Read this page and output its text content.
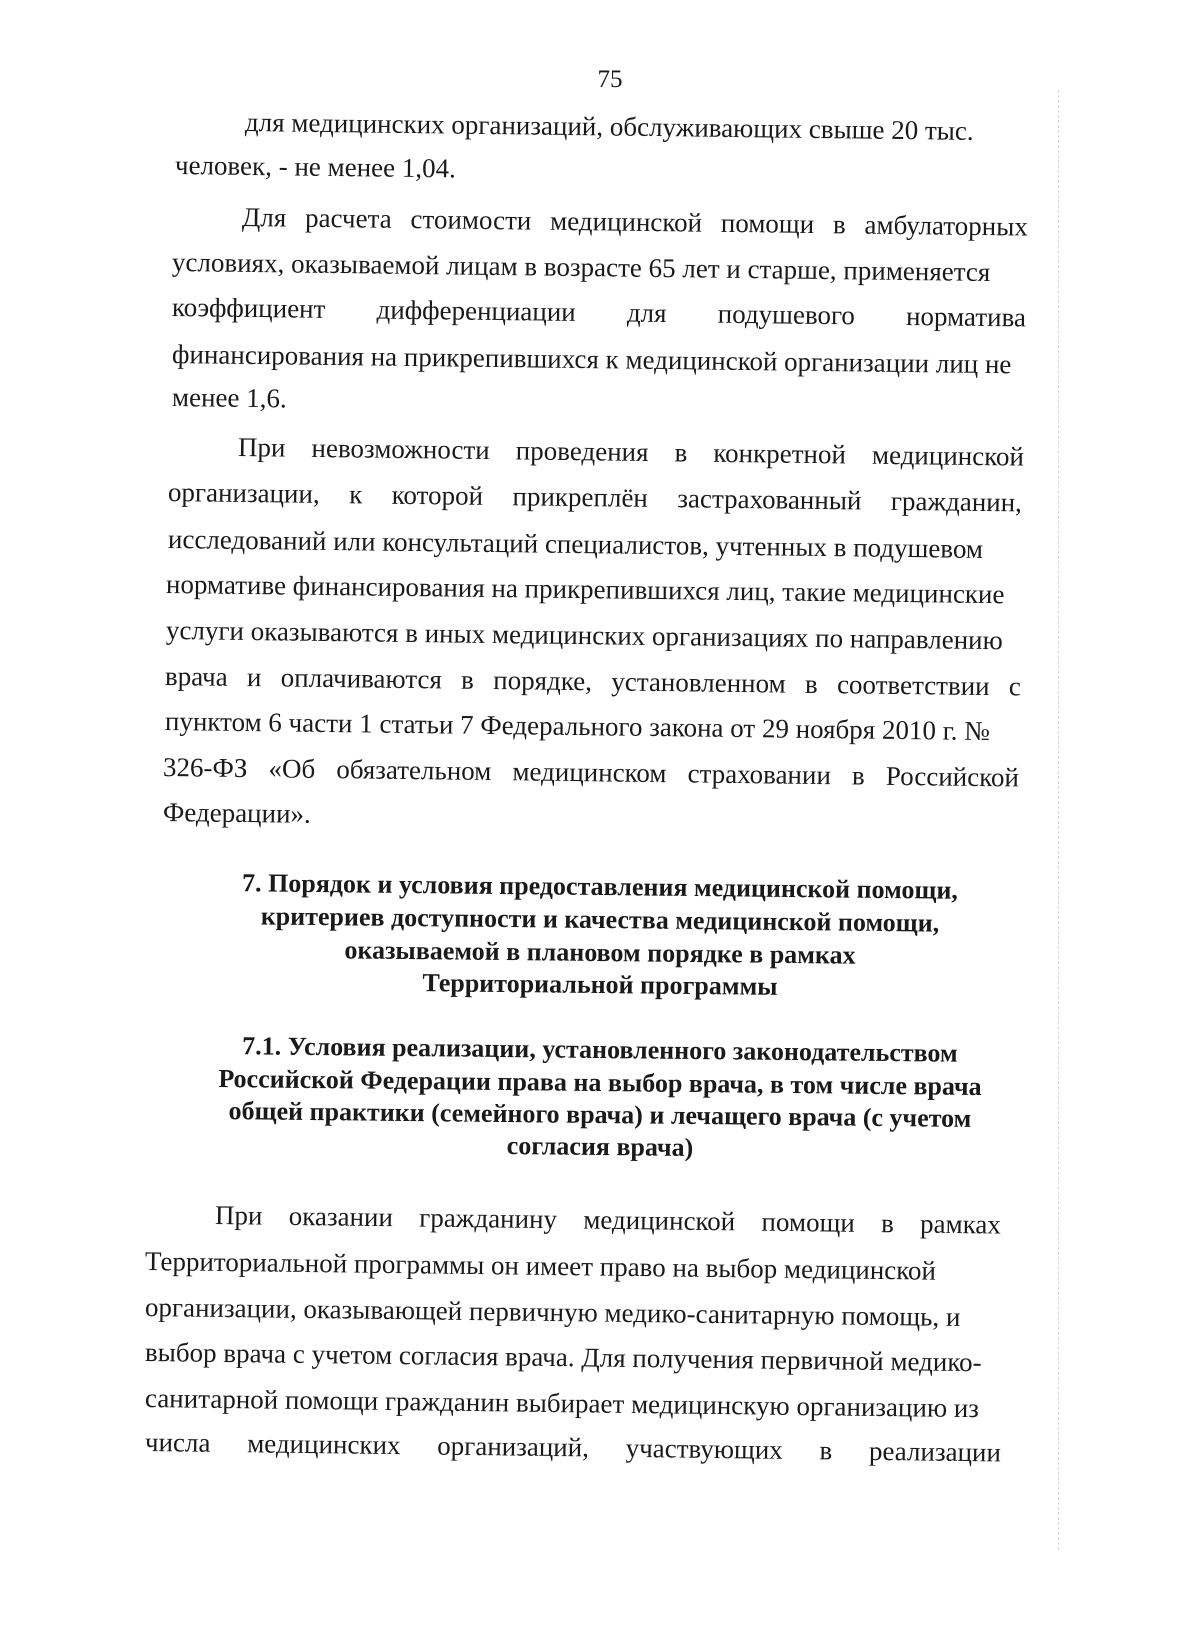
75
для медицинских организаций, обслуживающих свыше 20 тыс.
человек, - не менее 1,04.
Для расчета стоимости медицинской помощи в амбулаторных
условиях, оказываемой лицам в возрасте 65 лет и старше, применяется
коэффициент дифференциации для подушевого норматива
финансирования на прикрепившихся к медицинской организации лиц не
менее 1,6.
При невозможности проведения в конкретной медицинской
организации, к которой прикреплён застрахованный гражданин,
исследований или консультаций специалистов, учтенных в подушевом
нормативе финансирования на прикрепившихся лиц, такие медицинские
услуги оказываются в иных медицинских организациях по направлению
врача и оплачиваются в порядке, установленном в соответствии с
пунктом 6 части 1 статьи 7 Федерального закона от 29 ноября 2010 г. №
326-ФЗ «Об обязательном медицинском страховании в Российской
Федерации».
7. Порядок и условия предоставления медицинской помощи,
критериев доступности и качества медицинской помощи,
оказываемой в плановом порядке в рамках
Территориальной программы
7.1. Условия реализации, установленного законодательством
Российской Федерации права на выбор врача, в том числе врача
общей практики (семейного врача) и лечащего врача (с учетом
согласия врача)
При оказании гражданину медицинской помощи в рамках
Территориальной программы он имеет право на выбор медицинской
организации, оказывающей первичную медико-санитарную помощь, и
выбор врача с учетом согласия врача. Для получения первичной медико-
санитарной помощи гражданин выбирает медицинскую организацию из
числа медицинских организаций, участвующих в реализации
